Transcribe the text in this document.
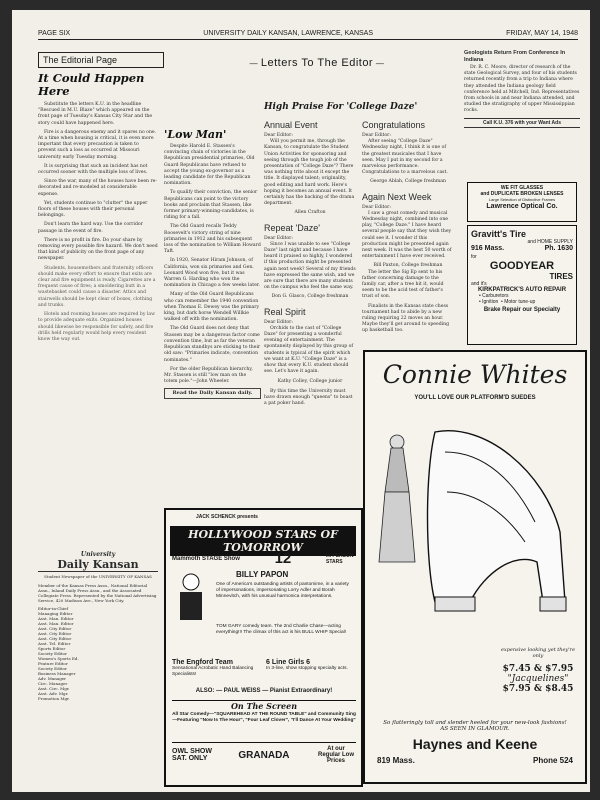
PAGE SIX	UNIVERSITY DAILY KANSAN, LAWRENCE, KANSAS	FRIDAY, MAY 14, 1948
The Editorial Page	— Letters To The Editor —
It Could Happen Here

Substitute the letters K.U. in the headline "Rescued in M.U. Blaze" which appeared on the front page of Tuesday's Kansas City Star and the story could have happened here.

Fire is a dangerous enemy and it spares no one. At a time when housing is critical, it is even more important that every precaution is taken to prevent such a loss as occurred at Missouri university early Tuesday morning.

It is surprising that such an incident has not occurred sooner with the multiple loss of lives.

Since the war, many of the houses have been re-decorated and re-modeled at considerable expense.

Yet, students continue to "clutter" the upper floors of these houses with their personal belongings.

Don't learn the hard way. Use the corridor passage in the event of fire.

There is no profit in fire. Do your share by removing every possible fire hazard. We don't need that kind of publicity on the front page of any newspaper.

Students, housemothers and fraternity officers should make every effort to ensure that exits are clear and fire equipment is ready. Cigarettes are a frequent cause of fires; a smoldering butt in a wastebasket could cause a disaster. Attics and stairwells should be kept clear of boxes, clothing and trunks.

Hotels and rooming houses are required by law to provide adequate exits. Organized houses should likewise be responsible for safety, and fire drills held regularly would help every resident know the way out.

University
Daily Kansan
Student Newspaper of the UNIVERSITY OF KANSAS

Member of the Kansas Press Assn., National Editorial Assn., Inland Daily Press Assn., and the Associated Collegiate Press. Represented by the National Advertising Service, 420 Madison Ave., New York City.

Editor-in-Chief
Managing Editor
Asst. Man. Editor
Asst. Man. Editor
Asst. City Editor
Asst. City Editor
Asst. City Editor
Asst. Tel. Editor
Sports Editor
Society Editor
Women's Sports Ed.
Feature Editor
Society Editor
Business Manager
Adv. Manager
Circ. Manager
Asst. Circ. Mgr.
Asst. Adv. Mgr.
Promotion Mgr.
'Low Man'

Despite Harold E. Stassen's convincing chain of victories in the Republican presidential primaries, Old Guard Republicans have refused to accept the young ex-governor as a leading candidate for the Republican nomination.

To qualify their conviction, the senior Republicans can point to the victory books and proclaim that Stassen, like former primary-winning-candidates, is riding for a fall.

The Old Guard recalls Teddy Roosevelt's victory string of nine primaries in 1912 and his subsequent loss of the nomination to William Howard Taft.

In 1920, Senator Hiram Johnson, of California, won six primaries and Gen. Leonard Wood won five, but it was Warren G. Harding who won the nomination in Chicago a few weeks later.

Many of the Old Guard Republicans who can remember the 1940 convention when Thomas E. Dewey was the primary king, but dark horse Wendell Willkie walked off with the nomination.

The Old Guard does not deny that Stassen may be a dangerous factor come convention time, but as far the veteran Republican standbys are sticking to their old saw: "Primaries indicate, convention nominates."

For the older Republican hierarchy, Mr. Stassen is still "low man on the totem pole."—John Wheeler.

Read the Daily Kansan daily.
High Praise For 'College Daze'
Annual Event
Dear Editor:

Will you permit me, through the Kansan, to congratulate the Student Union Activities for sponsoring and seeing through the tough job of the presentation of "College Daze"? There was nothing trite about it except the title. It displayed talent; originality, good editing and hard work. Here's hoping it becomes an annual event. It certainly has the backing of the drama department.

Allen Crafton
Repeat 'Daze'
Dear Editor:

Since I was unable to see "College Daze" last night and because I have heard it praised so highly, I wondered if this production might be presented again next week? Several of my friends have expressed the same wish, and we are sure that there are many students on the campus who feel the same way.

Don G. Glasco, College freshman
Real Spirit
Dear Editor:

Orchids to the cast of "College Daze" for presenting a wonderful evening of entertainment. The spontaneity displayed by this group of students is typical of the spirit which we want at K.U. "College Daze" is a show that every K.U. student should see. Let's have it again.

Kathy Colley, College junior

By this time the University must have drawn enough "queens" to boast a pat poker hand.

Congratulations
Dear Editor:

After seeing "College Daze" Wednesday night, I think it is one of the greatest musicales that I have seen. May I put in my second for a marvelous performance. Congratulations to a marvelous cast.

George Ablah, College freshman
Again Next Week
Dear Editor:

I saw a great comedy and musical Wednesday night, combined into one play, "College Daze." I have heard several people say that they wish they could see it. I wonder if this production might be presented again next week. It was the best 50 worth of entertainment I have ever received.

Bill Paxton, College freshman

The letter the Sig Ep sent to his father concerning damage to the family car, after a tree hit it, would seem to be the acid test of father's trust of son.

Finalists in the Kansas state chess tournament had to abide by a new ruling requiring 22 moves an hour. Maybe they'll get around to speeding up basketball too.

Geologists Return From Conference In Indiana

Dr. R. C. Moore, director of research of the state Geological Survey, and four of his students returned recently from a trip to Indiana where they attended the Indiana geology field conference held at Mitchell, Ind. Representatives from schools in and near Indiana attended, and studied the stratigraphy of upper Mississippian rocks.

Call K.U. 376 with your Want Ads
WE FIT GLASSES
and DUPLICATE BROKEN LENSES
Large Selection of Distinctive Frames
Lawrence Optical Co.
Gravitt's Tire
and HOME SUPPLY
916 Mass.	Ph. 1630
for
GOODYEAR
TIRES
and it's
KIRKPATRICK'S AUTO REPAIR
• Carburetors
• Ignition  • Motor tune-up
Brake Repair our Specialty
Connie Whites
YOU'LL LOVE OUR PLATFORM'D SUEDES
expensive looking yet they're only
$7.45 & $7.95
"Jacquelines"
$7.95 & $8.45
So flatteringly toll and slender heeled for your new-look fashions! AS SEEN IN GLAMOUR.
Haynes and Keene
819 Mass.	Phone 524
JACK SCHENCK presents
HOLLYWOOD STARS OF TOMORROW
Mammoth STAGE Show 12	IN PERSON STARS
BILLY PAPON
One of America's outstanding artists of pantomime, in a variety of impersonations, impersonating Lorry Adler and Borah Minnevitch, with his unusual harmonica interpretations.
TOM GARY comedy team. The 2nd Charlie Chase—acting everything!!! The climax of this act is his BULL WHIP Special!
The Engford Team
Sensational Acrobatic Hand Balancing Specialists!
6 Line Girls 6
In 3-line, show stopping specialty acts.
ALSO: — PAUL WEISS — Pianist Extraordinary!
On The Screen
All Star Comedy—"SQUAREHEAD AT THE ROUND TABLE" and Community Sing—Featuring "Now Is The Hour", "Four Leaf Clover", "I'll Dance At Your Wedding"
OWL SHOW
SAT. ONLY	GRANADA
At our Regular Low Prices
